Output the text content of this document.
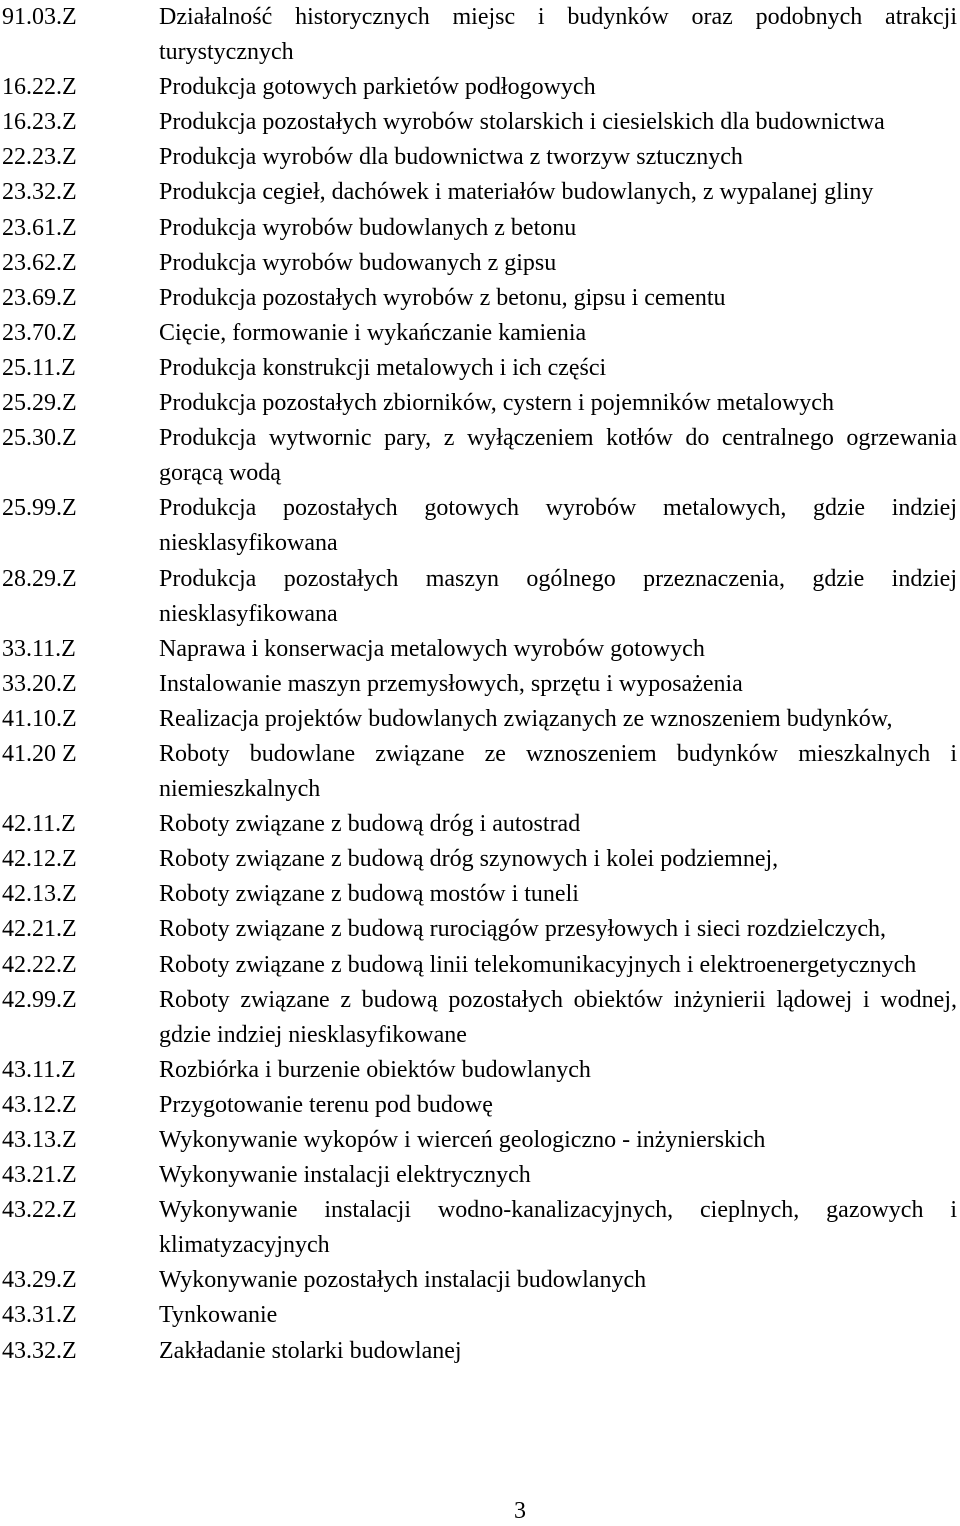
91.03.Z	Działalność historycznych miejsc i budynków oraz podobnych atrakcji turystycznych
16.22.Z	Produkcja gotowych parkietów podłogowych
16.23.Z	Produkcja pozostałych wyrobów stolarskich i ciesielskich dla budownictwa
22.23.Z	Produkcja wyrobów dla budownictwa z tworzyw sztucznych
23.32.Z	Produkcja cegieł, dachówek i materiałów budowlanych, z wypalanej gliny
23.61.Z	Produkcja wyrobów budowlanych z betonu
23.62.Z	Produkcja wyrobów budowanych z gipsu
23.69.Z	Produkcja pozostałych wyrobów z betonu, gipsu i cementu
23.70.Z	Cięcie, formowanie i wykańczanie kamienia
25.11.Z	Produkcja konstrukcji metalowych i ich części
25.29.Z	Produkcja pozostałych zbiorników, cystern i pojemników metalowych
25.30.Z	Produkcja wytwornic pary, z wyłączeniem kotłów do centralnego ogrzewania gorącą wodą
25.99.Z	Produkcja pozostałych gotowych wyrobów metalowych, gdzie indziej niesklasyfikowana
28.29.Z	Produkcja pozostałych maszyn ogólnego przeznaczenia, gdzie indziej niesklasyfikowana
33.11.Z	Naprawa i konserwacja metalowych wyrobów gotowych
33.20.Z	Instalowanie maszyn przemysłowych, sprzętu i wyposażenia
41.10.Z	Realizacja projektów budowlanych związanych ze wznoszeniem budynków,
41.20 Z	Roboty budowlane związane ze wznoszeniem budynków mieszkalnych i niemieszkalnych
42.11.Z	Roboty związane z budową dróg i autostrad
42.12.Z	Roboty związane z budową dróg szynowych i kolei podziemnej,
42.13.Z	Roboty związane z budową mostów i tuneli
42.21.Z	Roboty związane z budową rurociągów przesyłowych i sieci rozdzielczych,
42.22.Z	Roboty związane z budową linii telekomunikacyjnych i elektroenergetycznych
42.99.Z	Roboty związane z budową pozostałych obiektów inżynierii lądowej i wodnej, gdzie indziej niesklasyfikowane
43.11.Z	Rozbiórka i burzenie obiektów budowlanych
43.12.Z	Przygotowanie terenu pod budowę
43.13.Z	Wykonywanie wykopów i wierceń geologiczno - inżynierskich
43.21.Z	Wykonywanie instalacji elektrycznych
43.22.Z	Wykonywanie instalacji wodno-kanalizacyjnych, cieplnych, gazowych i klimatyzacyjnych
43.29.Z	Wykonywanie pozostałych instalacji budowlanych
43.31.Z	Tynkowanie
43.32.Z	Zakładanie stolarki budowlanej
3
